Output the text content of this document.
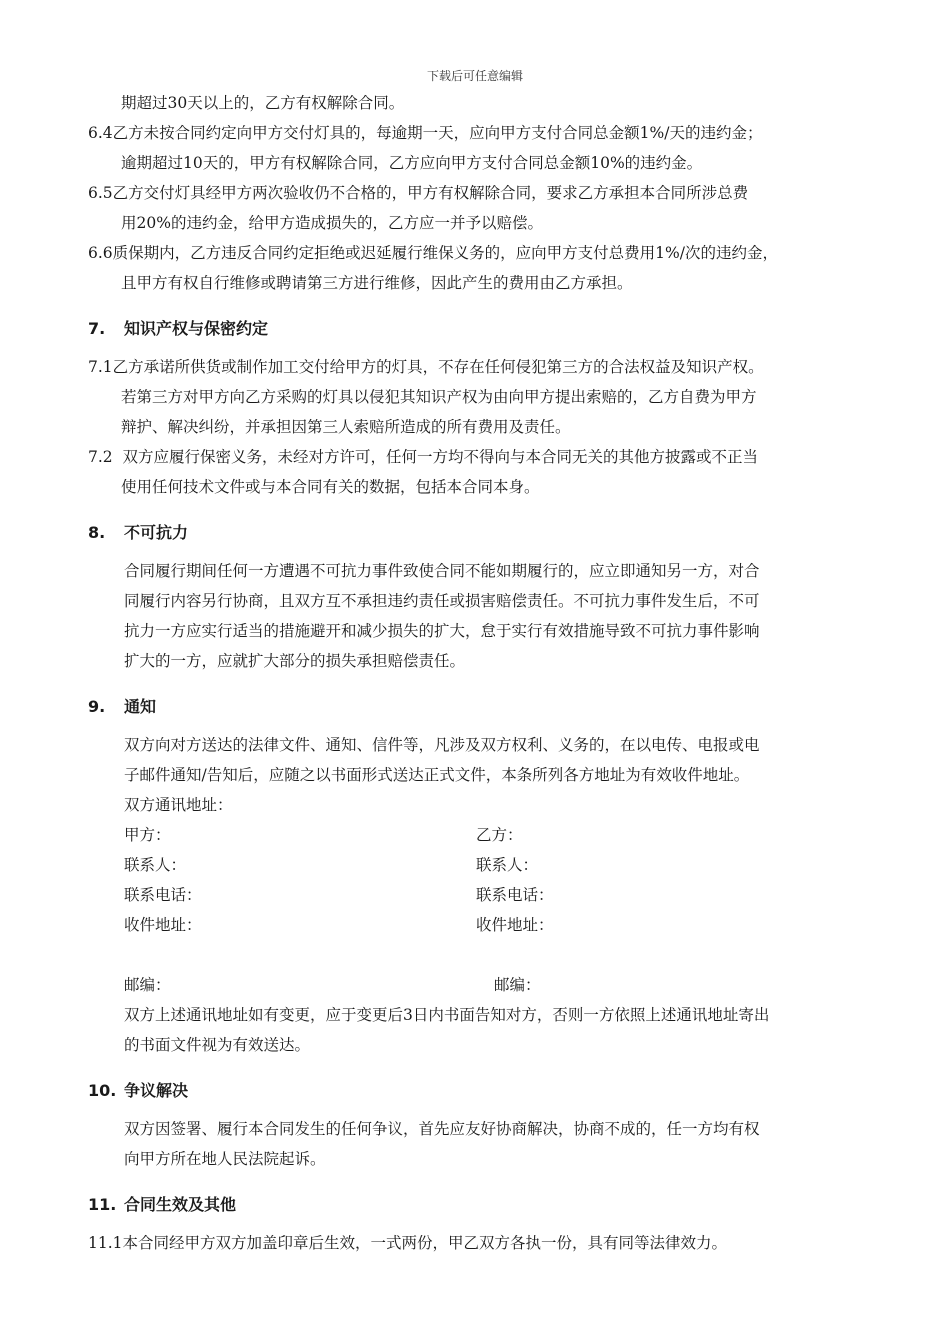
下载后可任意编辑
期超过30天以上的，乙方有权解除合同。
6.4 乙方未按合同约定向甲方交付灯具的，每逾期一天，应向甲方支付合同总金额1%/天的违约金；
逾期超过10天的，甲方有权解除合同，乙方应向甲方支付合同总金额10%的违约金。
6.5 乙方交付灯具经甲方两次验收仍不合格的，甲方有权解除合同，要求乙方承担本合同所涉总费
用20%的违约金，给甲方造成损失的，乙方应一并予以赔偿。
6.6 质保期内，乙方违反合同约定拒绝或迟延履行维保义务的，应向甲方支付总费用1%/次的违约金，
且甲方有权自行维修或聘请第三方进行维修，因此产生的费用由乙方承担。
7.	知识产权与保密约定
7.1 乙方承诺所供货或制作加工交付给甲方的灯具，不存在任何侵犯第三方的合法权益及知识产权。
若第三方对甲方向乙方采购的灯具以侵犯其知识产权为由向甲方提出索赔的，乙方自费为甲方
辩护、解决纠纷，并承担因第三人索赔所造成的所有费用及责任。
7.2 双方应履行保密义务，未经对方许可，任何一方均不得向与本合同无关的其他方披露或不正当
使用任何技术文件或与本合同有关的数据，包括本合同本身。
8.	不可抗力
合同履行期间任何一方遭遇不可抗力事件致使合同不能如期履行的，应立即通知另一方，对合
同履行内容另行协商，且双方互不承担违约责任或损害赔偿责任。不可抗力事件发生后，不可
抗力一方应实行适当的措施避开和减少损失的扩大，怠于实行有效措施导致不可抗力事件影响
扩大的一方，应就扩大部分的损失承担赔偿责任。
9.	通知
双方向对方送达的法律文件、通知、信件等，凡涉及双方权利、义务的，在以电传、电报或电
子邮件通知/告知后，应随之以书面形式送达正式文件，本条所列各方地址为有效收件地址。
双方通讯地址：
甲方：	乙方：
联系人：	联系人：
联系电话：	联系电话：
收件地址：	收件地址：
邮编：	邮编：
双方上述通讯地址如有变更，应于变更后3日内书面告知对方，否则一方依照上述通讯地址寄出
的书面文件视为有效送达。
10. 争议解决
双方因签署、履行本合同发生的任何争议，首先应友好协商解决，协商不成的，任一方均有权
向甲方所在地人民法院起诉。
11. 合同生效及其他
11.1 本合同经甲方双方加盖印章后生效，一式两份，甲乙双方各执一份，具有同等法律效力。
